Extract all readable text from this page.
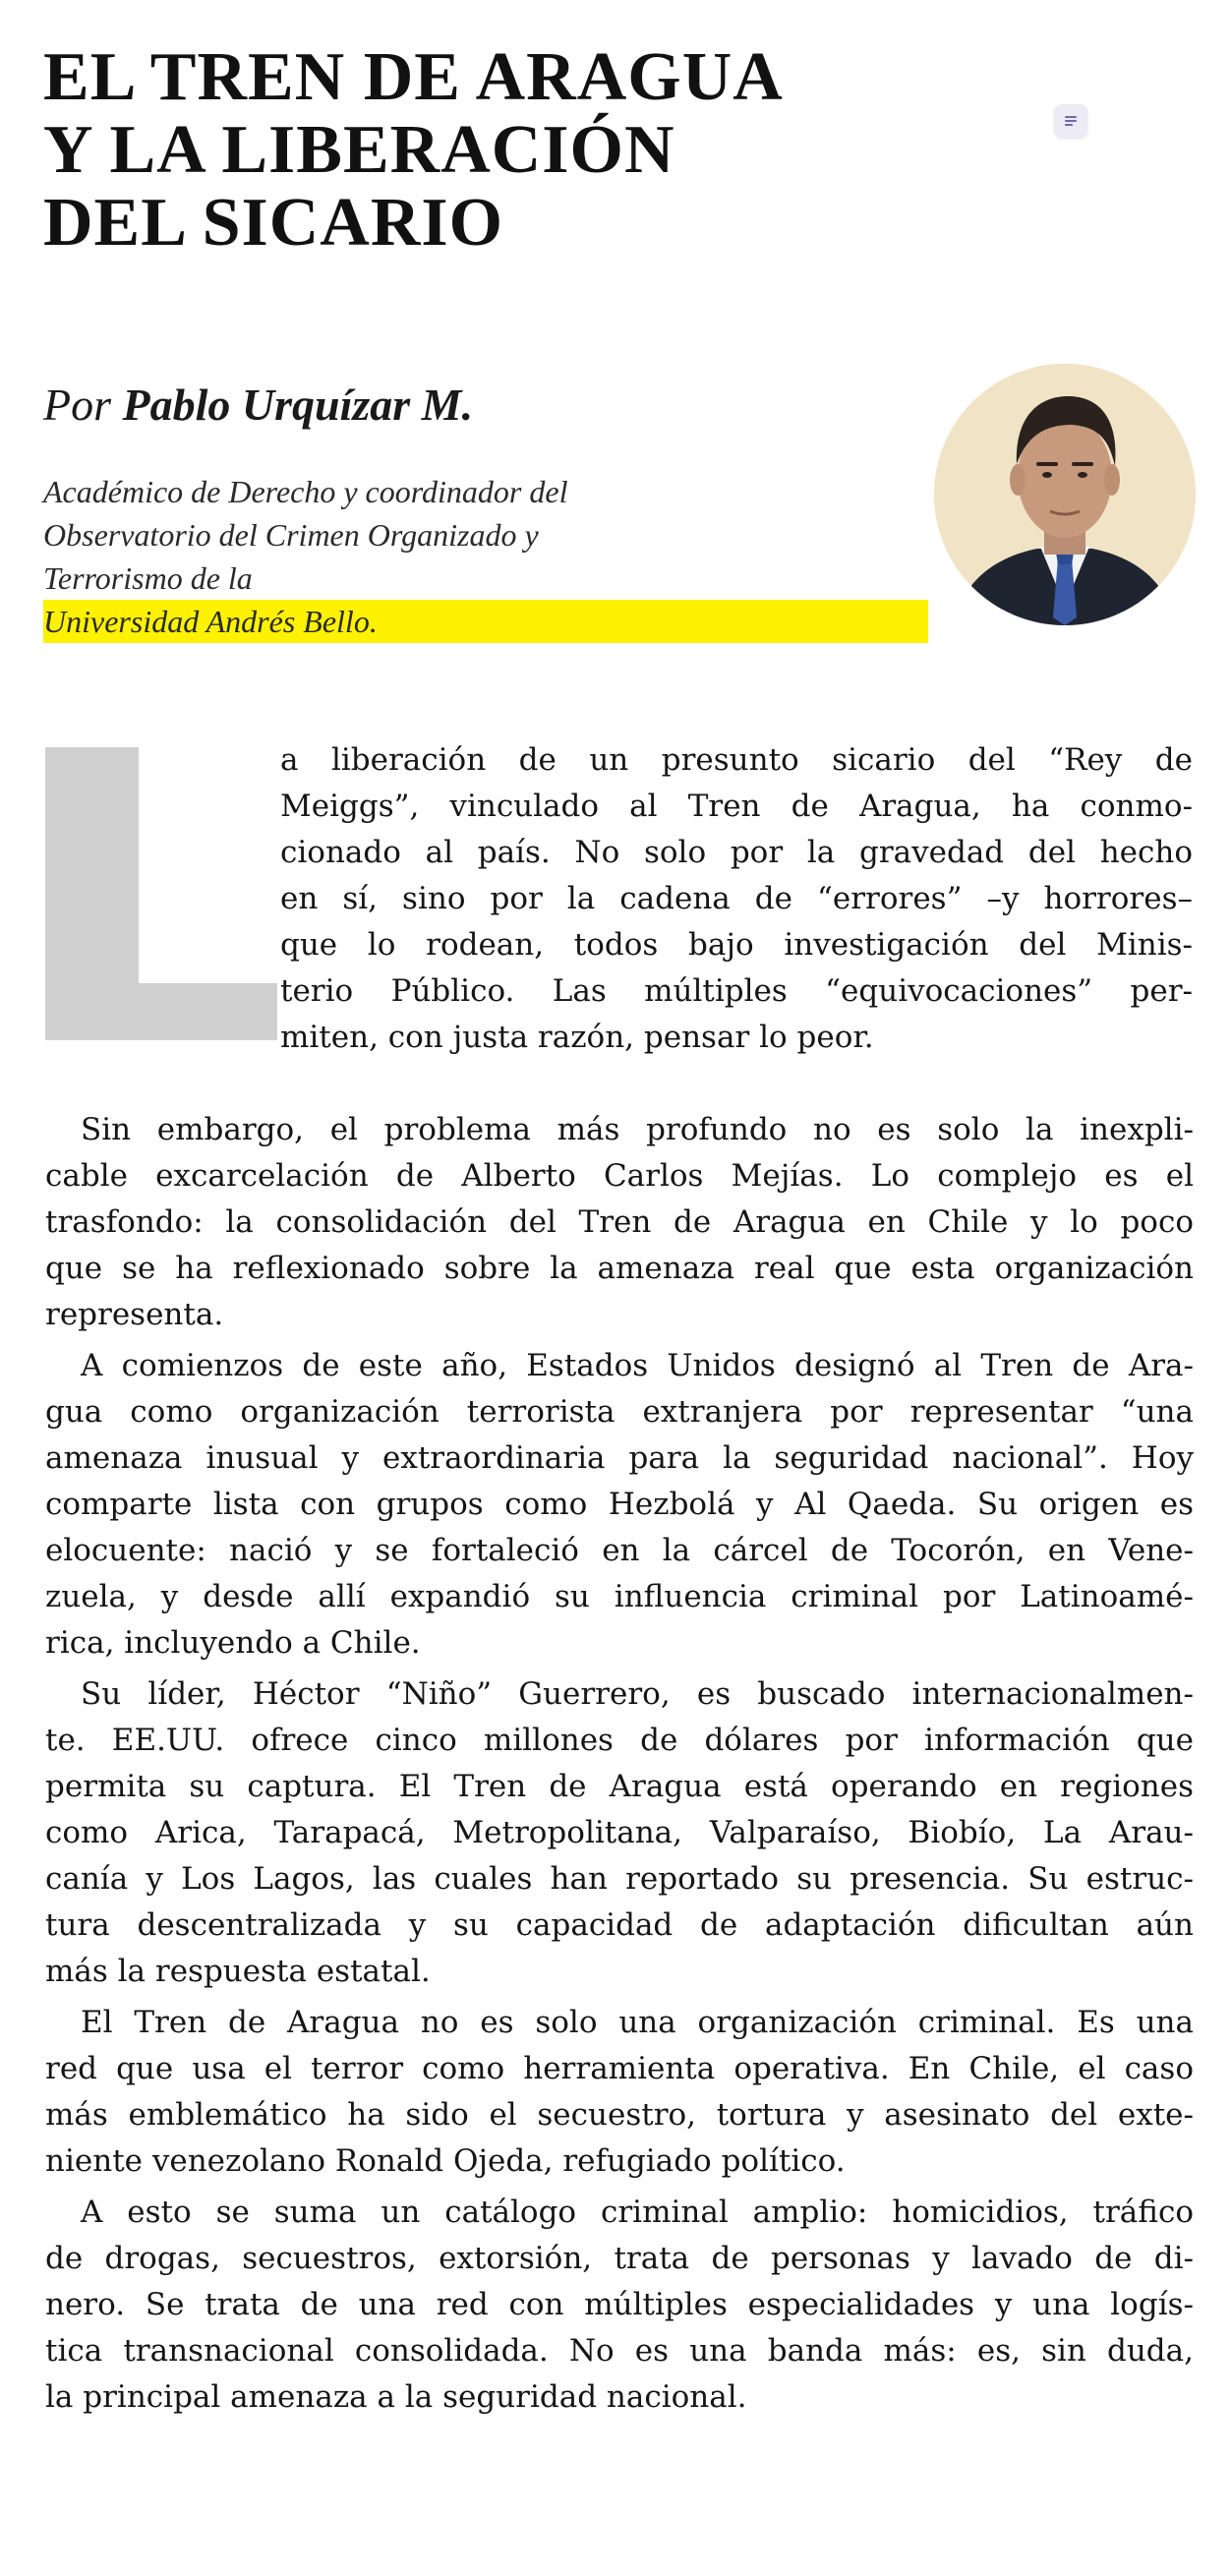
EL TREN DE ARAGUA
Y LA LIBERACIÓN
DEL SICARIO

Por Pablo Urquízar M.

Académico de Derecho y coordinador del
Observatorio del Crimen Organizado y
Terrorismo de la
Universidad Andrés Bello.

a liberación de un presunto sicario del “Rey de
Meiggs”, vinculado al Tren de Aragua, ha conmo-
cionado al país. No solo por la gravedad del hecho
en sí, sino por la cadena de “errores” –y horrores–
que lo rodean, todos bajo investigación del Minis-
terio Público. Las múltiples “equivocaciones” per-
miten, con justa razón, pensar lo peor.

Sin embargo, el problema más profundo no es solo la inexpli-
cable excarcelación de Alberto Carlos Mejías. Lo complejo es el
trasfondo: la consolidación del Tren de Aragua en Chile y lo poco
que se ha reflexionado sobre la amenaza real que esta organización
representa.

A comienzos de este año, Estados Unidos designó al Tren de Ara-
gua como organización terrorista extranjera por representar “una
amenaza inusual y extraordinaria para la seguridad nacional”. Hoy
comparte lista con grupos como Hezbolá y Al Qaeda. Su origen es
elocuente: nació y se fortaleció en la cárcel de Tocorón, en Vene-
zuela, y desde allí expandió su influencia criminal por Latinoamé-
rica, incluyendo a Chile.

Su líder, Héctor “Niño” Guerrero, es buscado internacionalmen-
te. EE.UU. ofrece cinco millones de dólares por información que
permita su captura. El Tren de Aragua está operando en regiones
como Arica, Tarapacá, Metropolitana, Valparaíso, Biobío, La Arau-
canía y Los Lagos, las cuales han reportado su presencia. Su estruc-
tura descentralizada y su capacidad de adaptación dificultan aún
más la respuesta estatal.

El Tren de Aragua no es solo una organización criminal. Es una
red que usa el terror como herramienta operativa. En Chile, el caso
más emblemático ha sido el secuestro, tortura y asesinato del exte-
niente venezolano Ronald Ojeda, refugiado político.

A esto se suma un catálogo criminal amplio: homicidios, tráfico
de drogas, secuestros, extorsión, trata de personas y lavado de di-
nero. Se trata de una red con múltiples especialidades y una logís-
tica transnacional consolidada. No es una banda más: es, sin duda,
la principal amenaza a la seguridad nacional.
